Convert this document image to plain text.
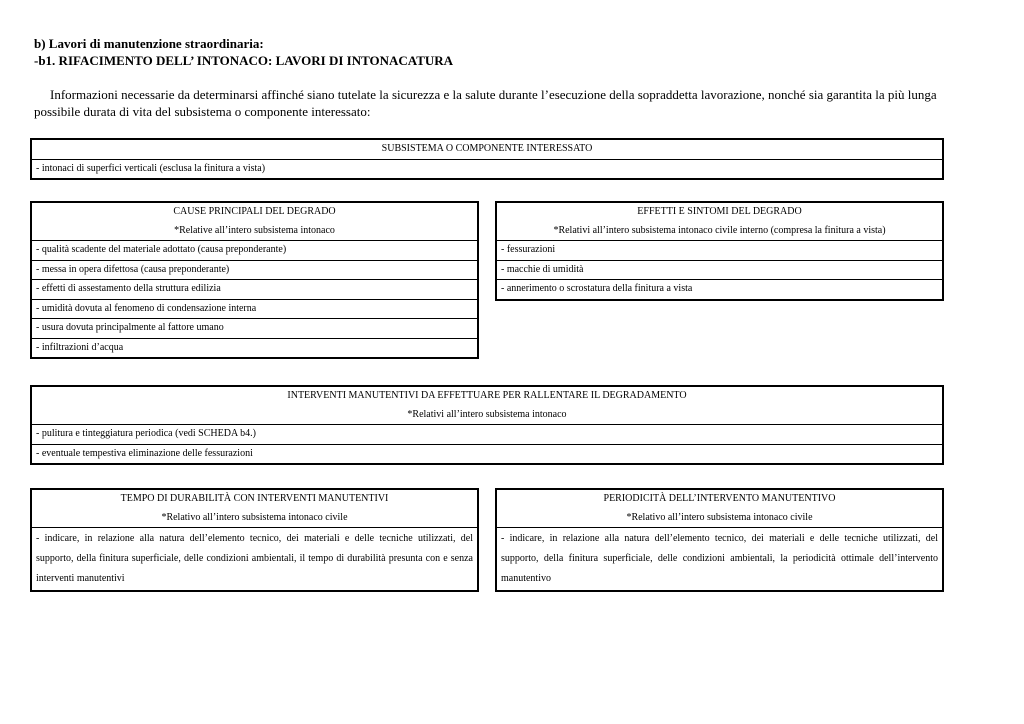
b) Lavori di manutenzione straordinaria:
-b1. RIFACIMENTO DELL’ INTONACO: LAVORI DI INTONACATURA
Informazioni necessarie da determinarsi affinché siano tutelate la sicurezza e la salute durante l’esecuzione della sopraddetta lavorazione, nonché sia garantita la più lunga possibile durata di vita del subsistema o componente interessato:
SUBSISTEMA O COMPONENTE INTERESSATO
- intonaci di superfici verticali (esclusa la finitura a vista)
CAUSE PRINCIPALI DEL DEGRADO
*Relative all’intero subsistema intonaco
- qualità scadente del materiale adottato (causa preponderante)
- messa in opera difettosa (causa preponderante)
- effetti di assestamento della struttura edilizia
- umidità dovuta al fenomeno di condensazione interna
- usura dovuta principalmente al fattore umano
- infiltrazioni d’acqua
EFFETTI E SINTOMI DEL DEGRADO
*Relativi all’intero subsistema intonaco civile interno (compresa la finitura a vista)
- fessurazioni
- macchie di umidità
- annerimento o scrostatura della finitura a vista
INTERVENTI MANUTENTIVI DA EFFETTUARE PER RALLENTARE IL DEGRADAMENTO
*Relativi all’intero subsistema intonaco
- pulitura e tinteggiatura periodica (vedi SCHEDA b4.)
- eventuale tempestiva eliminazione delle fessurazioni
TEMPO DI DURABILITÀ CON INTERVENTI MANUTENTIVI
*Relativo all’intero subsistema intonaco civile
- indicare, in relazione alla natura dell’elemento tecnico, dei materiali e delle tecniche utilizzati, del supporto, della finitura superficiale, delle condizioni ambientali, il tempo di durabilità presunta con e senza interventi manutentivi
PERIODICITÀ DELL’INTERVENTO MANUTENTIVO
*Relativo all’intero subsistema intonaco civile
- indicare, in relazione alla natura dell’elemento tecnico, dei materiali e delle tecniche utilizzati, del supporto, della finitura superficiale, delle condizioni ambientali, la periodicità ottimale dell’intervento manutentivo
